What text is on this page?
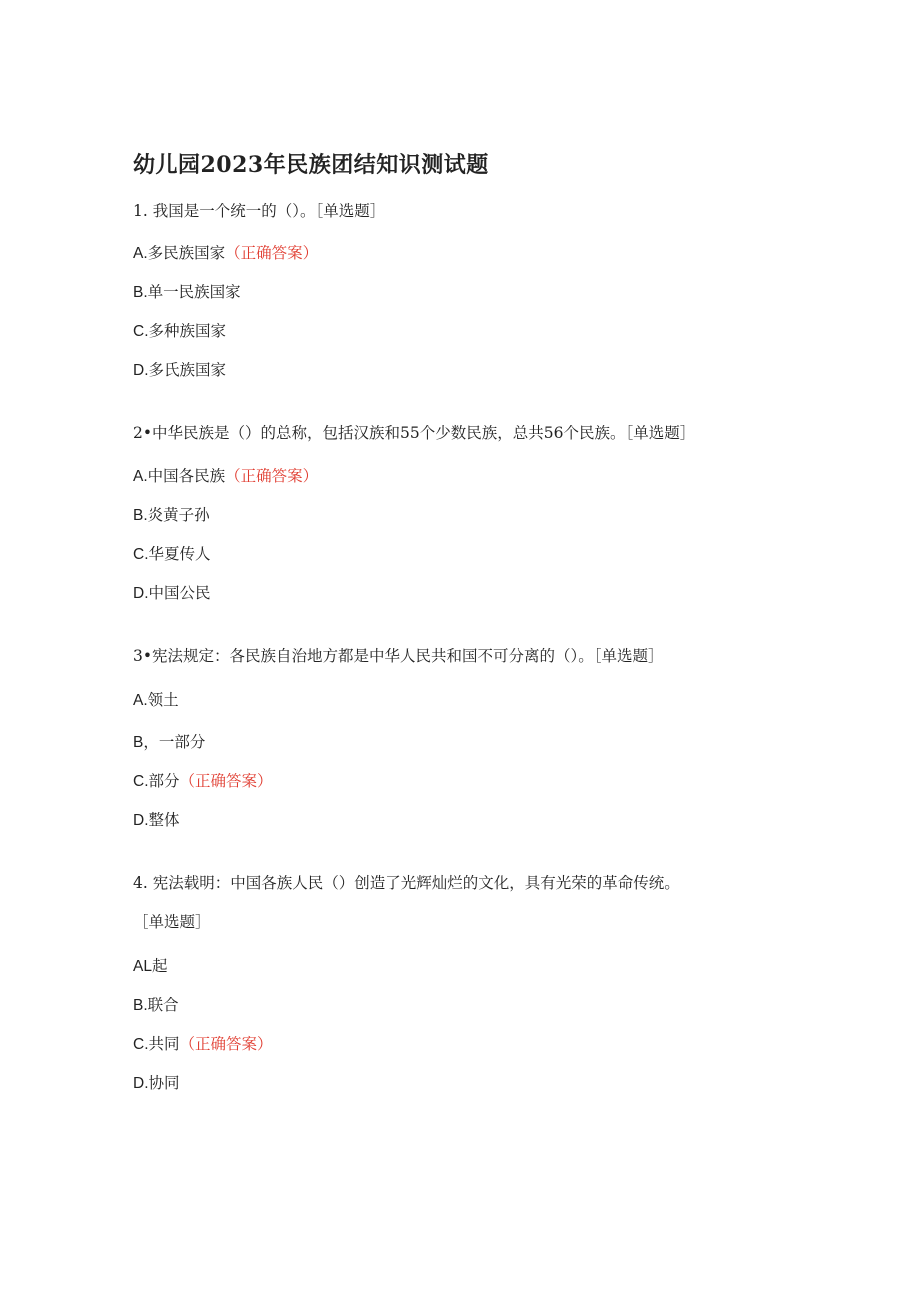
幼儿园2023年民族团结知识测试题
1. 我国是一个统一的（）。［单选题］
A.多民族国家（正确答案）
B.单一民族国家
C.多种族国家
D.多氏族国家
2•中华民族是（）的总称，包括汉族和55个少数民族，总共56个民族。［单选题］
A.中国各民族（正确答案）
B.炎黄子孙
C.华夏传人
D.中国公民
3•宪法规定：各民族自治地方都是中华人民共和国不可分离的（）。［单选题］
A.领土
B，一部分
C.部分（正确答案）
D.整体
4. 宪法载明：中国各族人民（）创造了光辉灿烂的文化，具有光荣的革命传统。
［单选题］
AL起
B.联合
C.共同（正确答案）
D.协同
